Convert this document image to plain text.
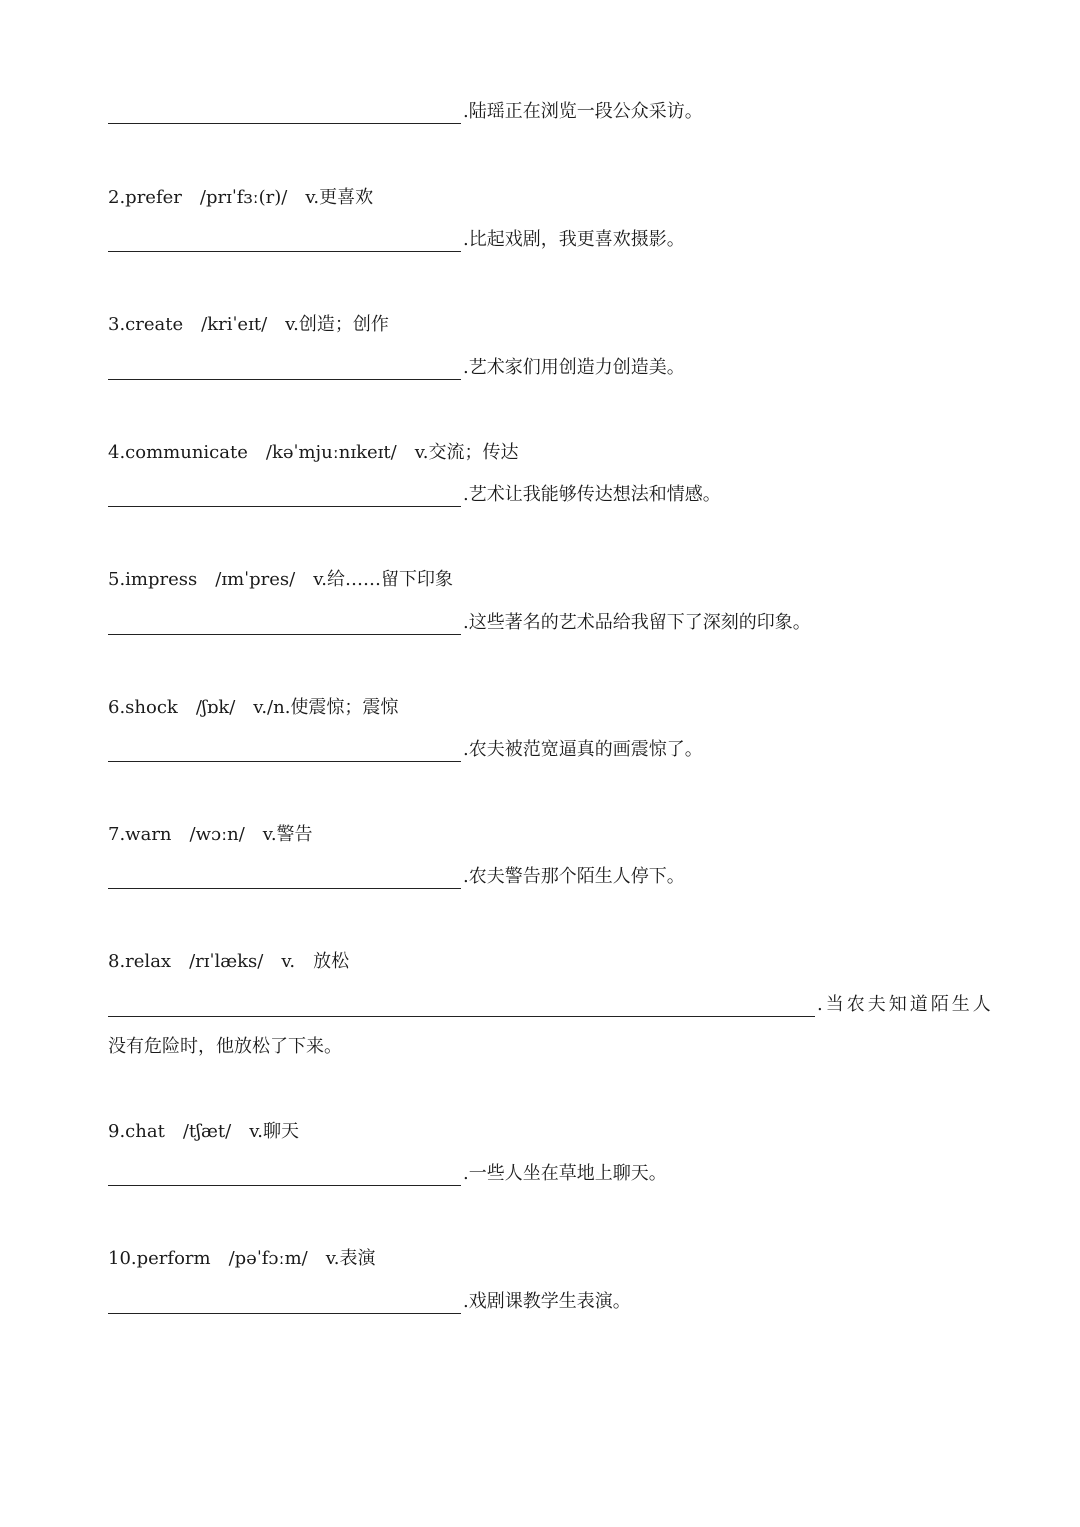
.陆瑶正在浏览一段公众采访。
2.prefer /prɪˈfɜː(r)/ v.更喜欢
.比起戏剧，我更喜欢摄影。
3.create /kriˈeɪt/ v.创造；创作
.艺术家们用创造力创造美。
4.communicate /kəˈmjuːnɪkeɪt/ v.交流；传达
.艺术让我能够传达想法和情感。
5.impress /ɪmˈpres/ v.给……留下印象
.这些著名的艺术品给我留下了深刻的印象。
6.shock /ʃɒk/ v./n.使震惊；震惊
.农夫被范宽逼真的画震惊了。
7.warn /wɔːn/ v.警告
.农夫警告那个陌生人停下。
8.relax /rɪˈlæks/ v.　放松
.当农夫知道陌生人
没有危险时，他放松了下来。
9.chat /tʃæt/ v.聊天
.一些人坐在草地上聊天。
10.perform /pəˈfɔːm/ v.表演
.戏剧课教学生表演。
